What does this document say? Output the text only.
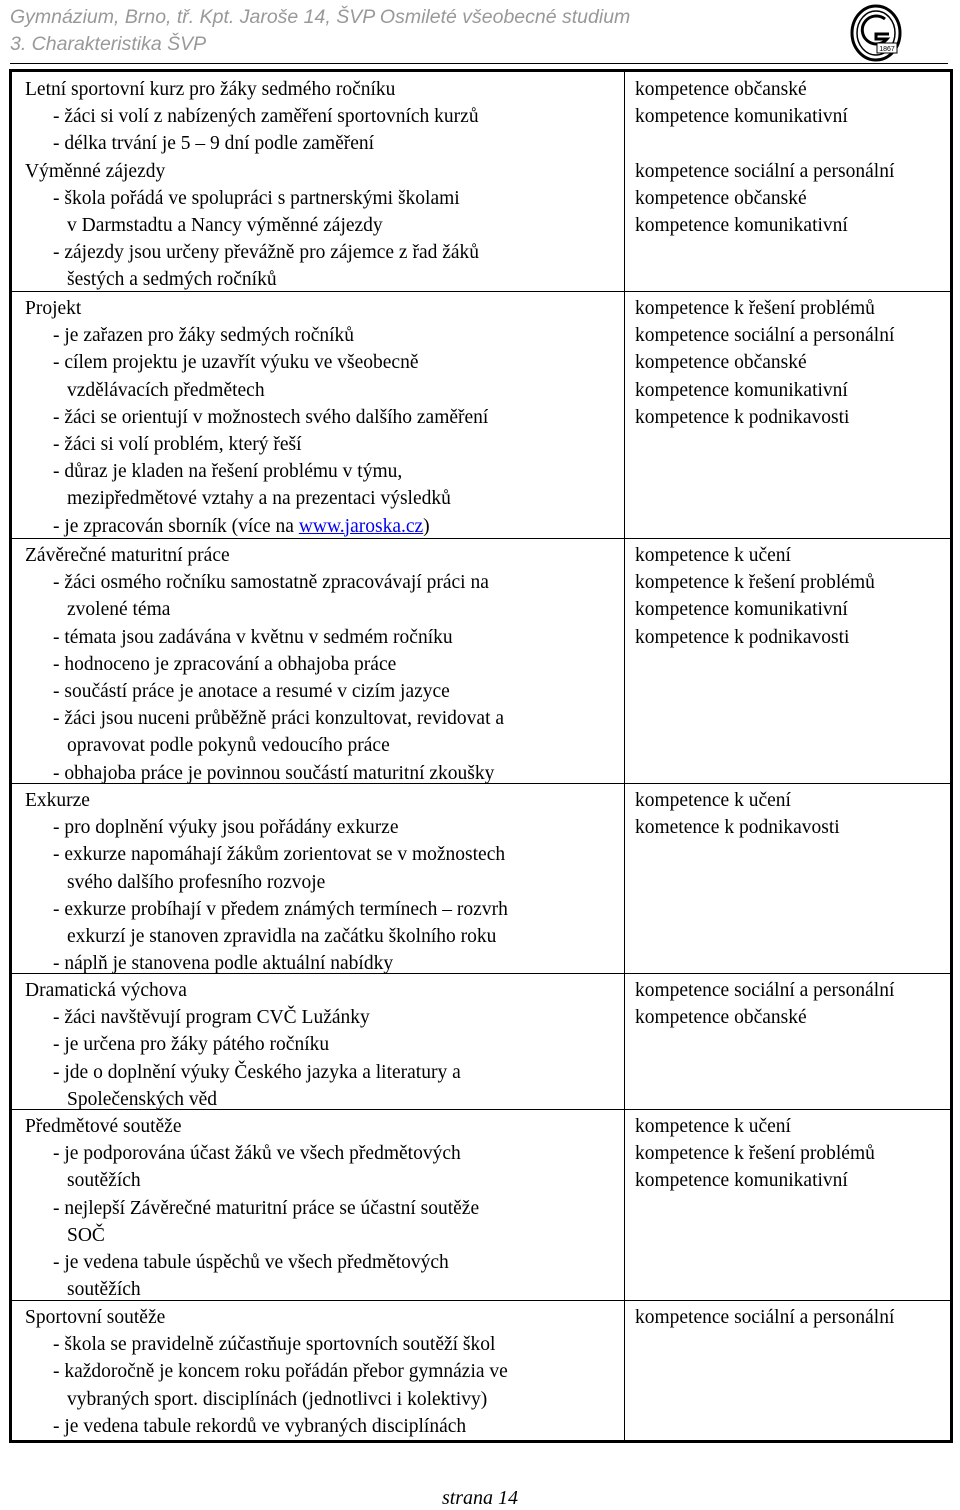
Gymnázium, Brno, tř. Kpt. Jaroše 14, ŠVP Osmileté všeobecné studium
3. Charakteristika ŠVP	1867
Letní sportovní kurz pro žáky sedmého ročníku
- žáci si volí z nabízených zaměření sportovních kurzů
- délka trvání je 5 – 9 dní podle zaměření
Výměnné zájezdy
- škola pořádá ve spolupráci s partnerskými školami
v Darmstadtu a Nancy výměnné zájezdy
- zájezdy jsou určeny převážně pro zájemce z řad žáků
šestých a sedmých ročníků
kompetence občanské
kompetence komunikativní

kompetence sociální a personální
kompetence občanské
kompetence komunikativní
Projekt
- je zařazen pro žáky sedmých ročníků
- cílem projektu je uzavřít výuku ve všeobecně
vzdělávacích předmětech
- žáci se orientují v možnostech svého dalšího zaměření
- žáci si volí problém, který řeší
- důraz je kladen na řešení problému v týmu,
mezipředmětové vztahy a na prezentaci výsledků
- je zpracován sborník (více na www.jaroska.cz)
kompetence k řešení problémů
kompetence sociální a personální
kompetence občanské
kompetence komunikativní
kompetence k podnikavosti
Závěrečné maturitní práce
- žáci osmého ročníku samostatně zpracovávají práci na
zvolené téma
- témata jsou zadávána v květnu v sedmém ročníku
- hodnoceno je zpracování a obhajoba práce
- součástí práce je anotace a resumé v cizím jazyce
- žáci jsou nuceni průběžně práci konzultovat, revidovat a
opravovat podle pokynů vedoucího práce
- obhajoba práce je povinnou součástí maturitní zkoušky
kompetence k učení
kompetence k řešení problémů
kompetence komunikativní
kompetence k podnikavosti
Exkurze
- pro doplnění výuky jsou pořádány exkurze
- exkurze napomáhají žákům zorientovat se v možnostech
svého dalšího profesního rozvoje
- exkurze probíhají v předem známých termínech – rozvrh
exkurzí je stanoven zpravidla na začátku školního roku
- náplň je stanovena podle aktuální nabídky
kompetence k učení
kometence k podnikavosti
Dramatická výchova
- žáci navštěvují program CVČ Lužánky
- je určena pro žáky pátého ročníku
- jde o doplnění výuky Českého jazyka a literatury a
Společenských věd
kompetence sociální a personální
kompetence občanské
Předmětové soutěže
- je podporována účast žáků ve všech předmětových
soutěžích
- nejlepší Závěrečné maturitní práce se účastní soutěže
SOČ
- je vedena tabule úspěchů ve všech předmětových
soutěžích
kompetence k učení
kompetence k řešení problémů
kompetence komunikativní
Sportovní soutěže
- škola se pravidelně zúčastňuje sportovních soutěží škol
- každoročně je koncem roku pořádán přebor gymnázia ve
vybraných sport. disciplínách (jednotlivci i kolektivy)
- je vedena tabule rekordů ve vybraných disciplínách
kompetence sociální a personální
strana 14
